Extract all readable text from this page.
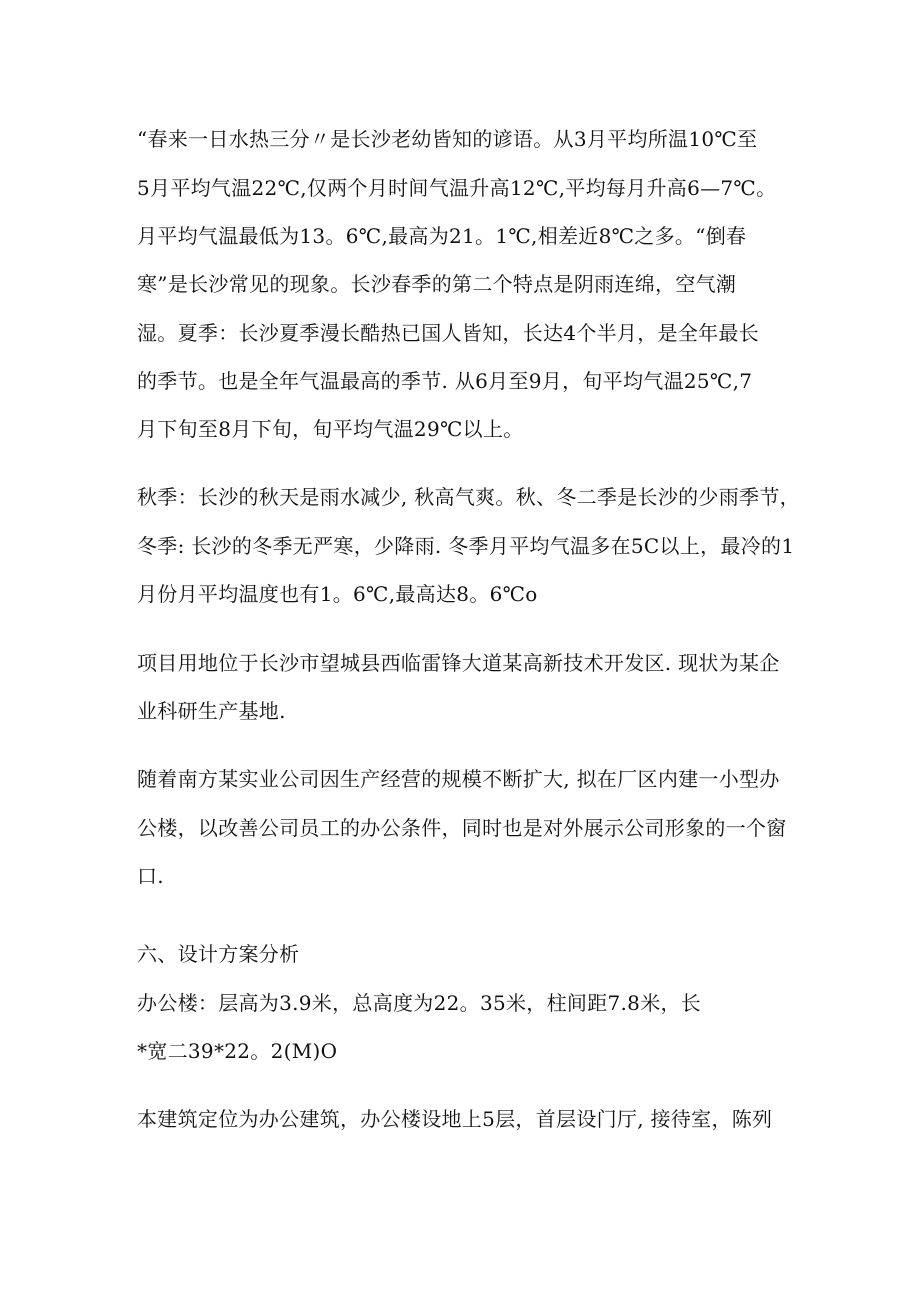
“春来一日水热三分〃是长沙老幼皆知的谚语。从3月平均所温10℃至
5月平均气温22℃,仅两个月时间气温升高12℃,平均每月升高6—7℃。
月平均气温最低为13。6℃,最高为21。1℃,相差近8℃之多。“倒春
寒”是长沙常见的现象。长沙春季的第二个特点是阴雨连绵，空气潮
湿。夏季：长沙夏季漫长酷热已国人皆知，长达4个半月，是全年最长
的季节。也是全年气温最高的季节. 从6月至9月，旬平均气温25℃,7
月下旬至8月下旬，旬平均气温29℃以上。
秋季：长沙的秋天是雨水减少, 秋高气爽。秋、冬二季是长沙的少雨季节，
冬季: 长沙的冬季无严寒，少降雨. 冬季月平均气温多在5C以上，最冷的1
月份月平均温度也有1。6℃,最高达8。6℃o
项目用地位于长沙市望城县西临雷锋大道某高新技术开发区. 现状为某企
业科研生产基地.
随着南方某实业公司因生产经营的规模不断扩大, 拟在厂区内建一小型办
公楼，以改善公司员工的办公条件，同时也是对外展示公司形象的一个窗
口.
六、设计方案分析
办公楼：层高为3.9米，总高度为22。35米，柱间距7.8米，长
*宽二39*22。2(M)O
本建筑定位为办公建筑，办公楼设地上5层，首层设门厅, 接待室，陈列
